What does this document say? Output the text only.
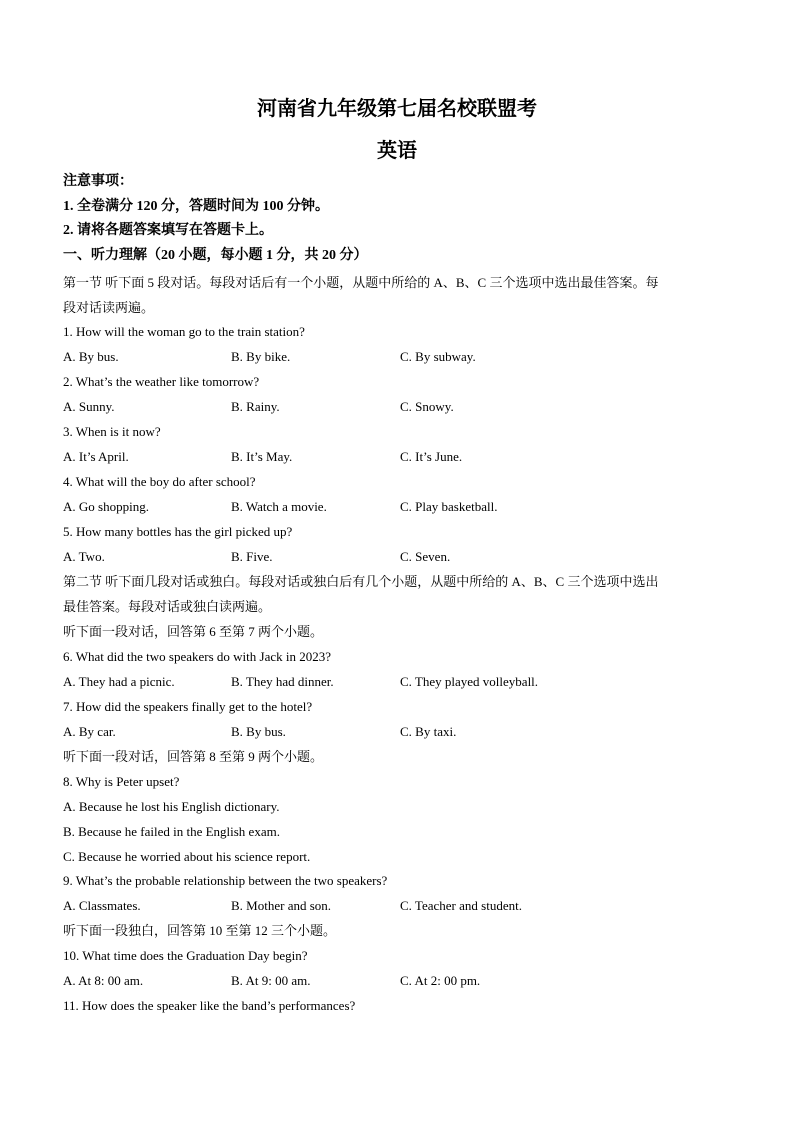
河南省九年级第七届名校联盟考
英语
注意事项：
1. 全卷满分 120 分，答题时间为 100 分钟。
2. 请将各题答案填写在答题卡上。
一、听力理解（20 小题，每小题 1 分，共 20 分）
第一节 听下面 5 段对话。每段对话后有一个小题，从题中所给的 A、B、C 三个选项中选出最佳答案。每
段对话读两遍。
1. How will the woman go to the train station?
A. By bus.	B. By bike.	C. By subway.
2. What’s the weather like tomorrow?
A. Sunny.	B. Rainy.	C. Snowy.
3. When is it now?
A. It’s April.	B. It’s May.	C. It’s June.
4. What will the boy do after school?
A. Go shopping.	B. Watch a movie.	C. Play basketball.
5. How many bottles has the girl picked up?
A. Two.	B. Five.	C. Seven.
第二节 听下面几段对话或独白。每段对话或独白后有几个小题，从题中所给的 A、B、C 三个选项中选出
最佳答案。每段对话或独白读两遍。
听下面一段对话，回答第 6 至第 7 两个小题。
6. What did the two speakers do with Jack in 2023?
A. They had a picnic.	B. They had dinner.	C. They played volleyball.
7. How did the speakers finally get to the hotel?
A. By car.	B. By bus.	C. By taxi.
听下面一段对话，回答第 8 至第 9 两个小题。
8. Why is Peter upset?
A. Because he lost his English dictionary.
B. Because he failed in the English exam.
C. Because he worried about his science report.
9. What’s the probable relationship between the two speakers?
A. Classmates.	B. Mother and son.	C. Teacher and student.
听下面一段独白，回答第 10 至第 12 三个小题。
10. What time does the Graduation Day begin?
A. At 8: 00 am.	B. At 9: 00 am.	C. At 2: 00 pm.
11. How does the speaker like the band’s performances?
